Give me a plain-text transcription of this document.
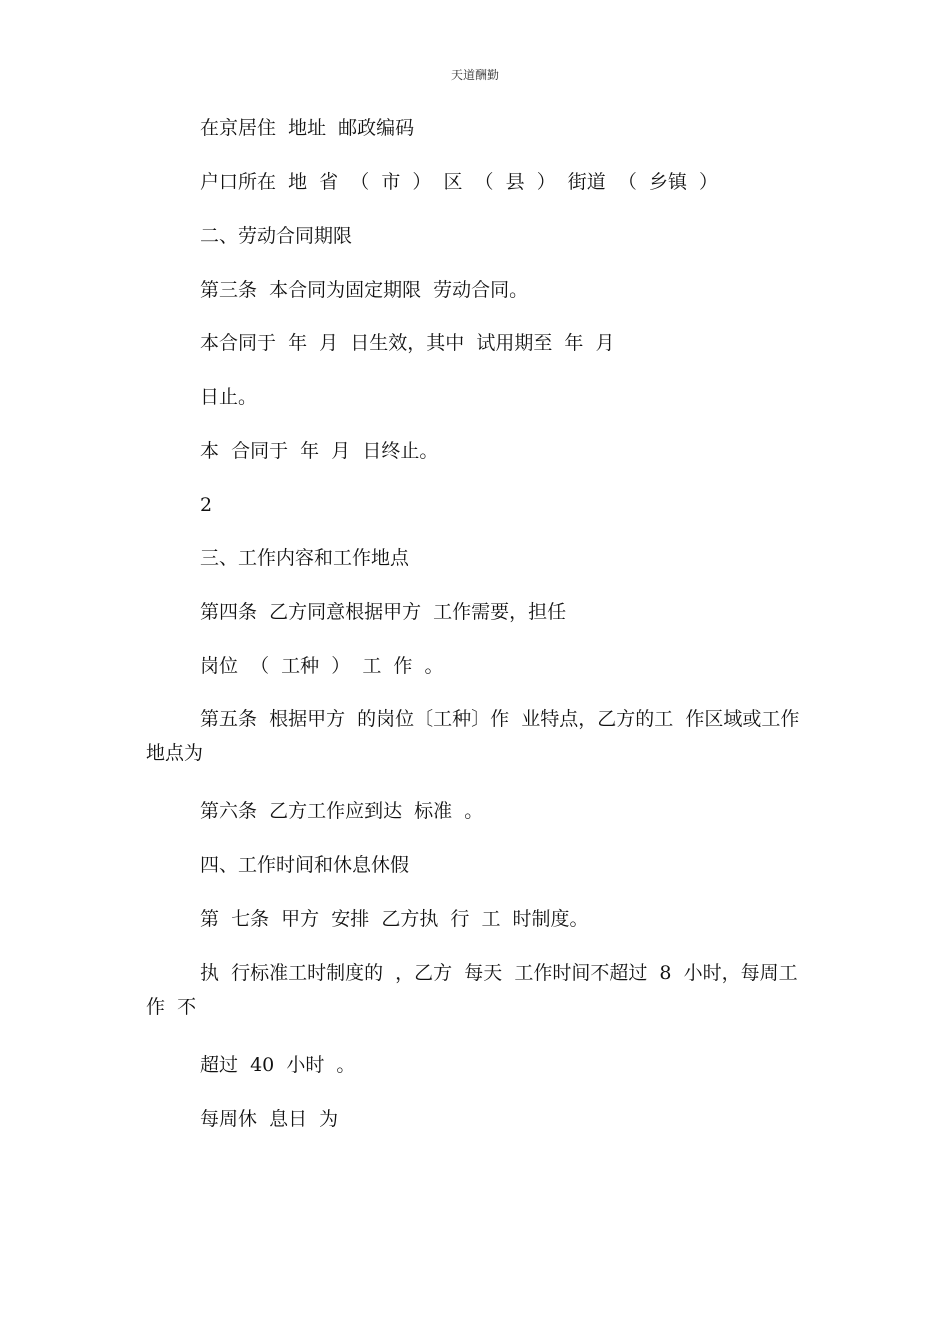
天道酬勤
在京居住  地址  邮政编码
户口所在  地  省  （  市  ）  区  （  县  ）  街道  （  乡镇  ）
二、劳动合同期限
第三条  本合同为固定期限  劳动合同。
本合同于  年  月  日生效，其中  试用期至  年  月
日止。
本  合同于  年  月  日终止。
2
三、工作内容和工作地点
第四条  乙方同意根据甲方  工作需要，担任
岗位  （  工种  ）  工  作  。
第五条  根据甲方  的岗位〔工种〕作  业特点，乙方的工  作区域或工作地点为
第六条  乙方工作应到达  标准  。
四、工作时间和休息休假
第  七条  甲方  安排  乙方执  行  工  时制度。
执  行标准工时制度的  ，乙方  每天  工作时间不超过  8  小时，每周工作  不
超过  40  小时  。
每周休  息日  为
